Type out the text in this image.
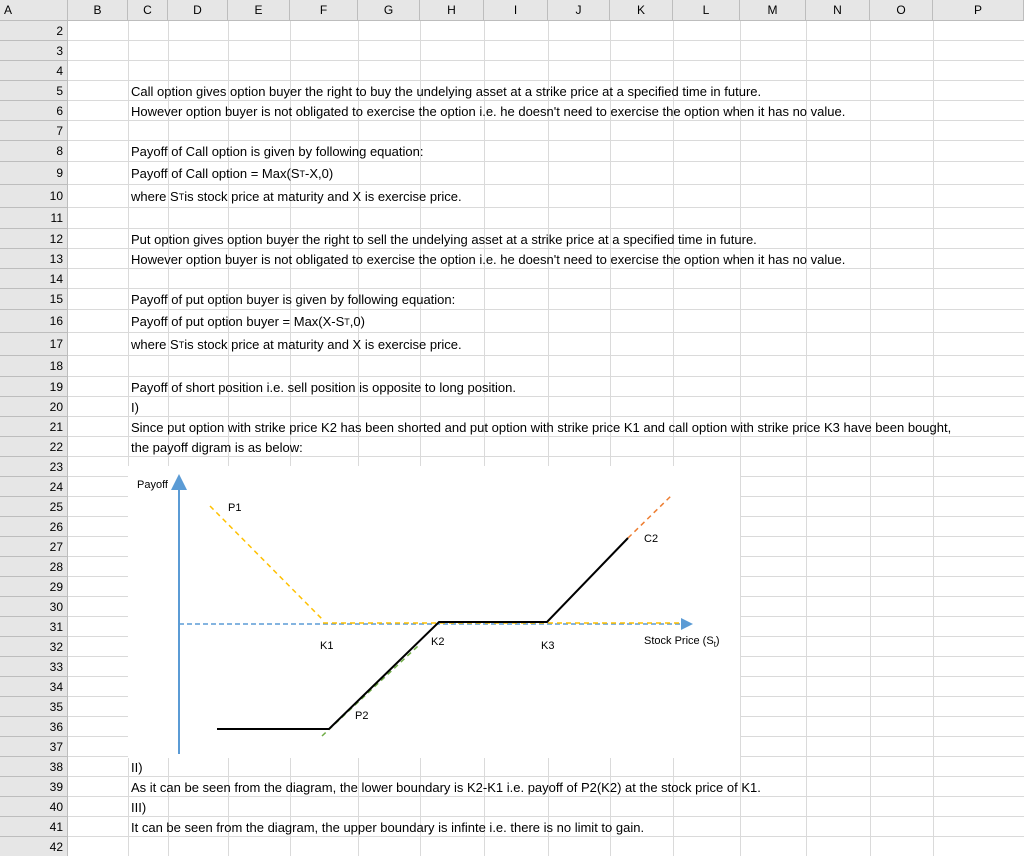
A	B	C	D	E	F	G	H	I	J	K	L	M	N	O	P
2
3
4
5
6
7
8
9
10
11
12
13
14
15
16
17
18
19
20
21
22
23
24
25
26
27
28
29
30
31
32
33
34
35
36
37
38
39
40
41
42
Call option gives option buyer the right to buy the undelying asset at a strike price at a specified time in future.
However option buyer is not obligated to exercise the option i.e. he doesn't need to exercise the option when it has no value.
Payoff of Call option is given by following equation:
Payoff of Call option = Max(S T -X,0)
where S T is stock price at maturity and X is exercise price.
Put option gives option buyer the right to sell the undelying asset at a strike price at a specified time in future.
However option buyer is not obligated to exercise the option i.e. he doesn't need to exercise the option when it has no value.
Payoff of put option buyer is given by following equation:
Payoff of put option buyer = Max(X-S T ,0)
where S T is stock price at maturity and X is exercise price.
Payoff of short position i.e. sell position is opposite to long position.
I)
Since put option with strike price K2 has been shorted and put option with strike price K1 and call option with strike price K3 have been bought,
the payoff digram is as below:
II)
As it can be seen from the diagram, the lower boundary is K2-K1 i.e. payoff of P2(K2) at the stock price of K1.
III)
It can be seen from the diagram, the upper boundary is infinte i.e. there is no limit to gain.
Payoff
P1
C2
K1	K2	K3
P2
Stock Price $(S_t)$
